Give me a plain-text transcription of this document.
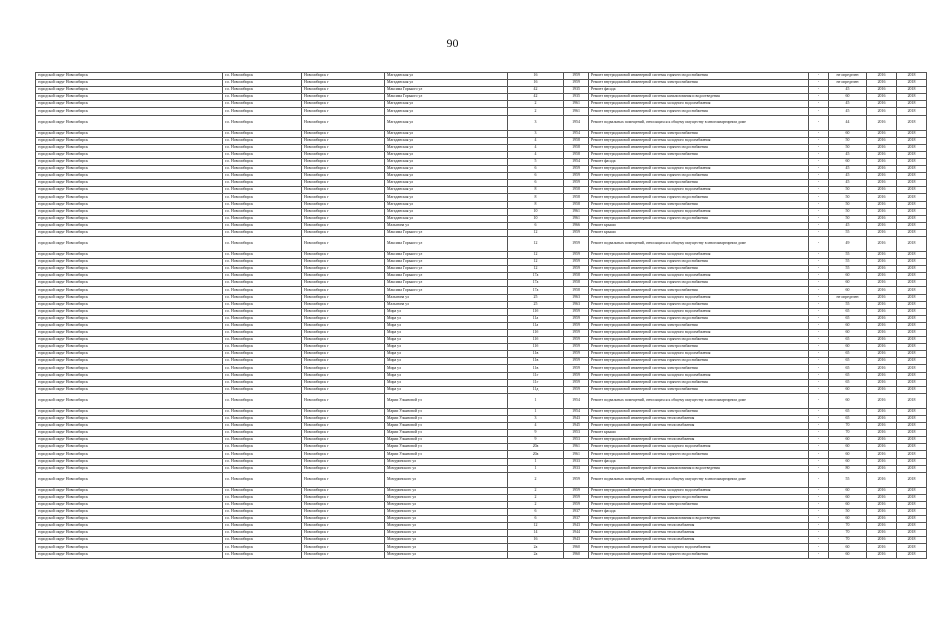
90
городской округ Новосибирск	г.о. Новосибирск	Новосибирск г	Магаданская ул	16	1959	Ремонт внутридомовой инженерной системы горячего водоснабжения	-	не определен	2016	2018
городской округ Новосибирск	г.о. Новосибирск	Новосибирск г	Магаданская ул	16	1959	Ремонт внутридомовой инженерной системы электроснабжения	-	не определен	2016	2018
городской округ Новосибирск	г.о. Новосибирск	Новосибирск г	Максима Горького ул	42	1935	Ремонт фасада	-	45	2016	2018
городской округ Новосибирск	г.о. Новосибирск	Новосибирск г	Максима Горького ул	42	1935	Ремонт внутридомовой инженерной системы канализования и водоотведения	-	60	2016	2018
городской округ Новосибирск	г.о. Новосибирск	Новосибирск г	Магаданская ул	2	1961	Ремонт внутридомовой инженерной системы холодного водоснабжения	-	45	2016	2018
городской округ Новосибирск	г.о. Новосибирск	Новосибирск г	Магаданская ул	2	1961	Ремонт внутридомовой инженерной системы горячего водоснабжения	-	45	2016	2018
городской округ Новосибирск	г.о. Новосибирск	Новосибирск г	Магаданская ул	3	1954	Ремонт подвальных помещений, относящихся к общему имуществу в многоквартирном доме	-	44	2016	2018
городской округ Новосибирск	г.о. Новосибирск	Новосибирск г	Магаданская ул	3	1954	Ремонт внутридомовой инженерной системы электроснабжения	-	60	2016	2018
городской округ Новосибирск	г.о. Новосибирск	Новосибирск г	Магаданская ул	4	1958	Ремонт внутридомовой инженерной системы холодного водоснабжения	-	50	2016	2018
городской округ Новосибирск	г.о. Новосибирск	Новосибирск г	Магаданская ул	4	1958	Ремонт внутридомовой инженерной системы горячего водоснабжения	-	50	2016	2018
городской округ Новосибирск	г.о. Новосибирск	Новосибирск г	Магаданская ул	4	1958	Ремонт внутридомовой инженерной системы электроснабжения	-	45	2016	2018
городской округ Новосибирск	г.о. Новосибирск	Новосибирск г	Магаданская ул	5	1954	Ремонт фасада	-	60	2016	2018
городской округ Новосибирск	г.о. Новосибирск	Новосибирск г	Магаданская ул	6	1959	Ремонт внутридомовой инженерной системы холодного водоснабжения	-	45	2016	2018
городской округ Новосибирск	г.о. Новосибирск	Новосибирск г	Магаданская ул	6	1959	Ремонт внутридомовой инженерной системы горячего водоснабжения	-	45	2016	2018
городской округ Новосибирск	г.о. Новосибирск	Новосибирск г	Магаданская ул	6	1959	Ремонт внутридомовой инженерной системы электроснабжения	-	45	2016	2018
городской округ Новосибирск	г.о. Новосибирск	Новосибирск г	Магаданская ул	8	1958	Ремонт внутридомовой инженерной системы холодного водоснабжения	-	50	2016	2018
городской округ Новосибирск	г.о. Новосибирск	Новосибирск г	Магаданская ул	8	1958	Ремонт внутридомовой инженерной системы горячего водоснабжения	-	50	2016	2018
городской округ Новосибирск	г.о. Новосибирск	Новосибирск г	Магаданская ул	8	1958	Ремонт внутридомовой инженерной системы электроснабжения	-	50	2016	2018
городской округ Новосибирск	г.о. Новосибирск	Новосибирск г	Магаданская ул	10	1961	Ремонт внутридомовой инженерной системы холодного водоснабжения	-	50	2016	2018
городской округ Новосибирск	г.о. Новосибирск	Новосибирск г	Магаданская ул	10	1961	Ремонт внутридомовой инженерной системы горячего водоснабжения	-	50	2016	2018
городской округ Новосибирск	г.о. Новосибирск	Новосибирск г	Малыгина ул	6	1966	Ремонт крыши	-	45	2016	2018
городской округ Новосибирск	г.о. Новосибирск	Новосибирск г	Максима Горького ул	12	1959	Ремонт крыши	-	55	2016	2018
городской округ Новосибирск	г.о. Новосибирск	Новосибирск г	Максима Горького ул	12	1959	Ремонт подвальных помещений, относящихся к общему имуществу в многоквартирном доме	-	49	2016	2018
городской округ Новосибирск	г.о. Новосибирск	Новосибирск г	Максима Горького ул	12	1959	Ремонт внутридомовой инженерной системы холодного водоснабжения	-	55	2016	2018
городской округ Новосибирск	г.о. Новосибирск	Новосибирск г	Максима Горького ул	12	1959	Ремонт внутридомовой инженерной системы горячего водоснабжения	-	55	2016	2018
городской округ Новосибирск	г.о. Новосибирск	Новосибирск г	Максима Горького ул	12	1959	Ремонт внутридомовой инженерной системы электроснабжения	-	55	2016	2018
городской округ Новосибирск	г.о. Новосибирск	Новосибирск г	Максима Горького ул	17а	1958	Ремонт внутридомовой инженерной системы холодного водоснабжения	-	60	2016	2018
городской округ Новосибирск	г.о. Новосибирск	Новосибирск г	Максима Горького ул	17а	1958	Ремонт внутридомовой инженерной системы горячего водоснабжения	-	60	2016	2018
городской округ Новосибирск	г.о. Новосибирск	Новосибирск г	Максима Горького ул	17а	1958	Ремонт внутридомовой инженерной системы электроснабжения	-	60	2016	2018
городской округ Новосибирск	г.о. Новосибирск	Новосибирск г	Малыгина ул	25	1963	Ремонт внутридомовой инженерной системы холодного водоснабжения	-	не определен	2016	2018
городской округ Новосибирск	г.о. Новосибирск	Новосибирск г	Малыгина ул	25	1963	Ремонт внутридомовой инженерной системы горячего водоснабжения	-	55	2016	2018
городской округ Новосибирск	г.о. Новосибирск	Новосибирск г	Мира ул	11б	1959	Ремонт внутридомовой инженерной системы холодного водоснабжения	-	65	2016	2018
городской округ Новосибирск	г.о. Новосибирск	Новосибирск г	Мира ул	11а	1959	Ремонт внутридомовой инженерной системы горячего водоснабжения	-	65	2016	2018
городской округ Новосибирск	г.о. Новосибирск	Новосибирск г	Мира ул	11а	1959	Ремонт внутридомовой инженерной системы электроснабжения	-	60	2016	2018
городской округ Новосибирск	г.о. Новосибирск	Новосибирск г	Мира ул	11б	1959	Ремонт внутридомовой инженерной системы холодного водоснабжения	-	60	2016	2018
городской округ Новосибирск	г.о. Новосибирск	Новосибирск г	Мира ул	11б	1959	Ремонт внутридомовой инженерной системы горячего водоснабжения	-	65	2016	2018
городской округ Новосибирск	г.о. Новосибирск	Новосибирск г	Мира ул	11б	1959	Ремонт внутридомовой инженерной системы электроснабжения	-	60	2016	2018
городской округ Новосибирск	г.о. Новосибирск	Новосибирск г	Мира ул	11в	1959	Ремонт внутридомовой инженерной системы холодного водоснабжения	-	65	2016	2018
городской округ Новосибирск	г.о. Новосибирск	Новосибирск г	Мира ул	11в	1959	Ремонт внутридомовой инженерной системы горячего водоснабжения	-	65	2016	2018
городской округ Новосибирск	г.о. Новосибирск	Новосибирск г	Мира ул	11в	1959	Ремонт внутридомовой инженерной системы электроснабжения	-	65	2016	2018
городской округ Новосибирск	г.о. Новосибирск	Новосибирск г	Мира ул	11г	1959	Ремонт внутридомовой инженерной системы холодного водоснабжения	-	65	2016	2018
городской округ Новосибирск	г.о. Новосибирск	Новосибирск г	Мира ул	11г	1959	Ремонт внутридомовой инженерной системы горячего водоснабжения	-	65	2016	2018
городской округ Новосибирск	г.о. Новосибирск	Новосибирск г	Мира ул	11д	1959	Ремонт внутридомовой инженерной системы электроснабжения	-	60	2016	2018
городской округ Новосибирск	г.о. Новосибирск	Новосибирск г	Марии Ульяновой ул	1	1954	Ремонт подвальных помещений, относящихся к общему имуществу в многоквартирном доме	-	60	2016	2018
городской округ Новосибирск	г.о. Новосибирск	Новосибирск г	Марии Ульяновой ул	1	1954	Ремонт внутридомовой инженерной системы электроснабжения	-	65	2016	2018
городской округ Новосибирск	г.о. Новосибирск	Новосибирск г	Марии Ульяновой ул	3	1943	Ремонт внутридомовой инженерной системы теплоснабжения	-	65	2016	2018
городской округ Новосибирск	г.о. Новосибирск	Новосибирск г	Марии Ульяновой ул	4	1945	Ремонт внутридомовой инженерной системы теплоснабжения	-	70	2016	2018
городской округ Новосибирск	г.о. Новосибирск	Новосибирск г	Марии Ульяновой ул	9	1953	Ремонт крыши	-	70	2016	2018
городской округ Новосибирск	г.о. Новосибирск	Новосибирск г	Марии Ульяновой ул	9	1953	Ремонт внутридомовой инженерной системы теплоснабжения	-	60	2016	2018
городской округ Новосибирск	г.о. Новосибирск	Новосибирск г	Марии Ульяновой ул	20а	1961	Ремонт внутридомовой инженерной системы холодного водоснабжения	-	60	2016	2018
городской округ Новосибирск	г.о. Новосибирск	Новосибирск г	Марии Ульяновой ул	20а	1961	Ремонт внутридомовой инженерной системы горячего водоснабжения	-	60	2016	2018
городской округ Новосибирск	г.о. Новосибирск	Новосибирск г	Мичуринского ул	1	1933	Ремонт фасада	-	60	2016	2018
городской округ Новосибирск	г.о. Новосибирск	Новосибирск г	Мичуринского ул	1	1933	Ремонт внутридомовой инженерной системы канализования и водоотведения	-	80	2016	2018
городской округ Новосибирск	г.о. Новосибирск	Новосибирск г	Мичуринского ул	2	1959	Ремонт подвальных помещений, относящихся к общему имуществу в многоквартирном доме	-	55	2016	2018
городской округ Новосибирск	г.о. Новосибирск	Новосибирск г	Мичуринского ул	2	1959	Ремонт внутридомовой инженерной системы холодного водоснабжения	-	60	2016	2018
городской округ Новосибирск	г.о. Новосибирск	Новосибирск г	Мичуринского ул	2	1959	Ремонт внутридомовой инженерной системы горячего водоснабжения	-	60	2016	2018
городской округ Новосибирск	г.о. Новосибирск	Новосибирск г	Мичуринского ул	2	1959	Ремонт внутридомовой инженерной системы электроснабжения	-	60	2016	2018
городской округ Новосибирск	г.о. Новосибирск	Новосибирск г	Мичуринского ул	6	1937	Ремонт фасада	-	50	2016	2018
городской округ Новосибирск	г.о. Новосибирск	Новосибирск г	Мичуринского ул	6	1937	Ремонт внутридомовой инженерной системы канализования и водоотведения	-	60	2016	2018
городской округ Новосибирск	г.о. Новосибирск	Новосибирск г	Мичуринского ул	12	1943	Ремонт внутридомовой инженерной системы теплоснабжения	-	70	2016	2018
городской округ Новосибирск	г.о. Новосибирск	Новосибирск г	Мичуринского ул	14	1944	Ремонт внутридомовой инженерной системы теплоснабжения	-	70	2016	2018
городской округ Новосибирск	г.о. Новосибирск	Новосибирск г	Мичуринского ул	16	1943	Ремонт внутридомовой инженерной системы теплоснабжения	-	70	2016	2018
городской округ Новосибирск	г.о. Новосибирск	Новосибирск г	Мичуринского ул	2а	1960	Ремонт внутридомовой инженерной системы холодного водоснабжения	-	60	2016	2018
городской округ Новосибирск	г.о. Новосибирск	Новосибирск г	Мичуринского ул	2а	1960	Ремонт внутридомовой инженерной системы горячего водоснабжения	-	60	2016	2018
